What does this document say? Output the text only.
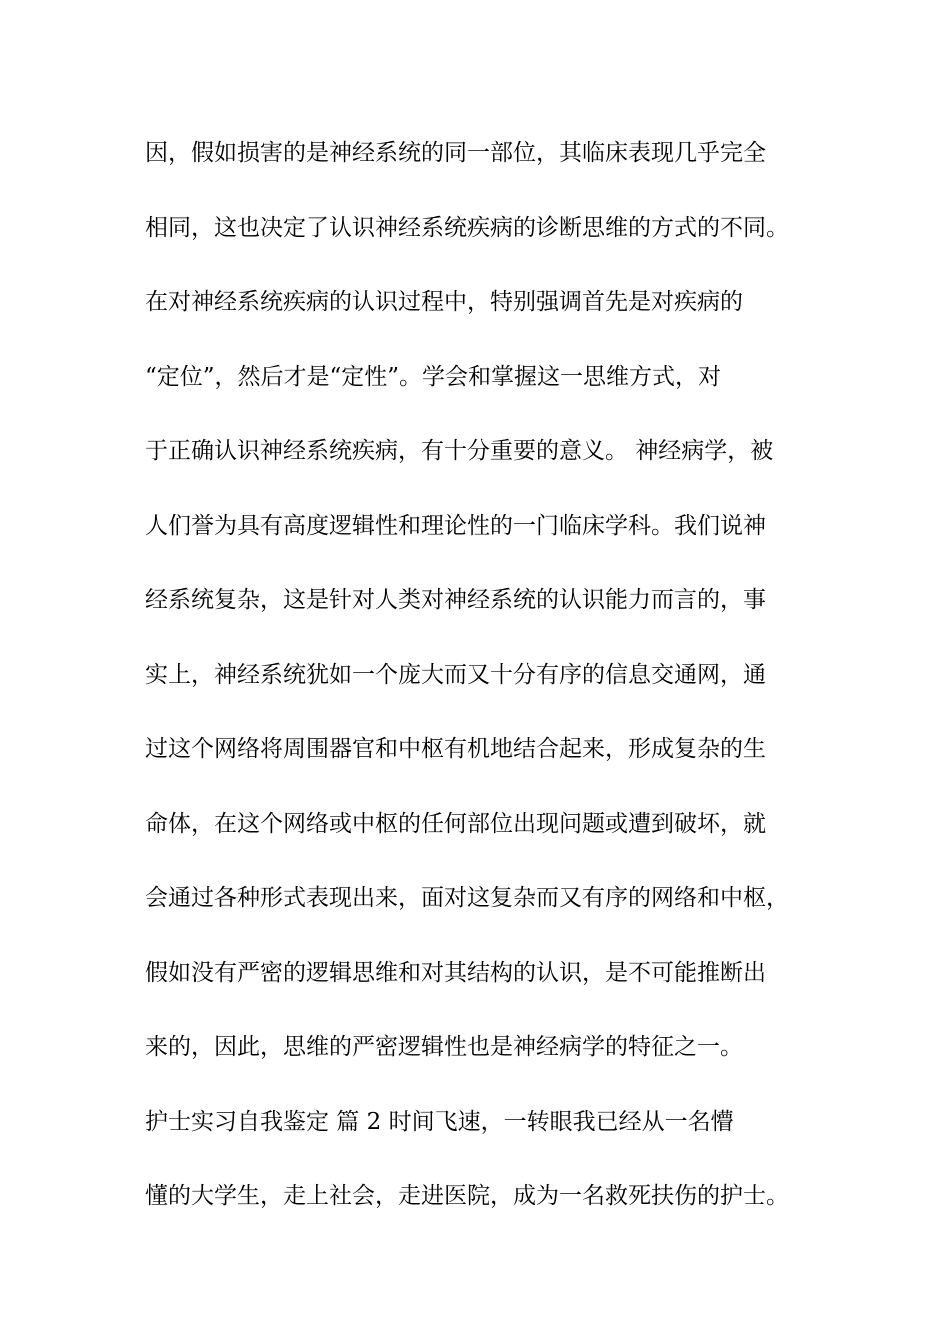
因，假如损害的是神经系统的同一部位，其临床表现几乎完全
相同，这也决定了认识神经系统疾病的诊断思维的方式的不同。
在对神经系统疾病的认识过程中，特别强调首先是对疾病的
“定位”，然后才是“定性”。学会和掌握这一思维方式，对
于正确认识神经系统疾病，有十分重要的意义。 神经病学，被
人们誉为具有高度逻辑性和理论性的一门临床学科。我们说神
经系统复杂，这是针对人类对神经系统的认识能力而言的，事
实上，神经系统犹如一个庞大而又十分有序的信息交通网，通
过这个网络将周围器官和中枢有机地结合起来，形成复杂的生
命体，在这个网络或中枢的任何部位出现问题或遭到破坏，就
会通过各种形式表现出来，面对这复杂而又有序的网络和中枢，
假如没有严密的逻辑思维和对其结构的认识，是不可能推断出
来的，因此，思维的严密逻辑性也是神经病学的特征之一。
护士实习自我鉴定 篇 2 时间飞速，一转眼我已经从一名懵
懂的大学生，走上社会，走进医院，成为一名救死扶伤的护士。
